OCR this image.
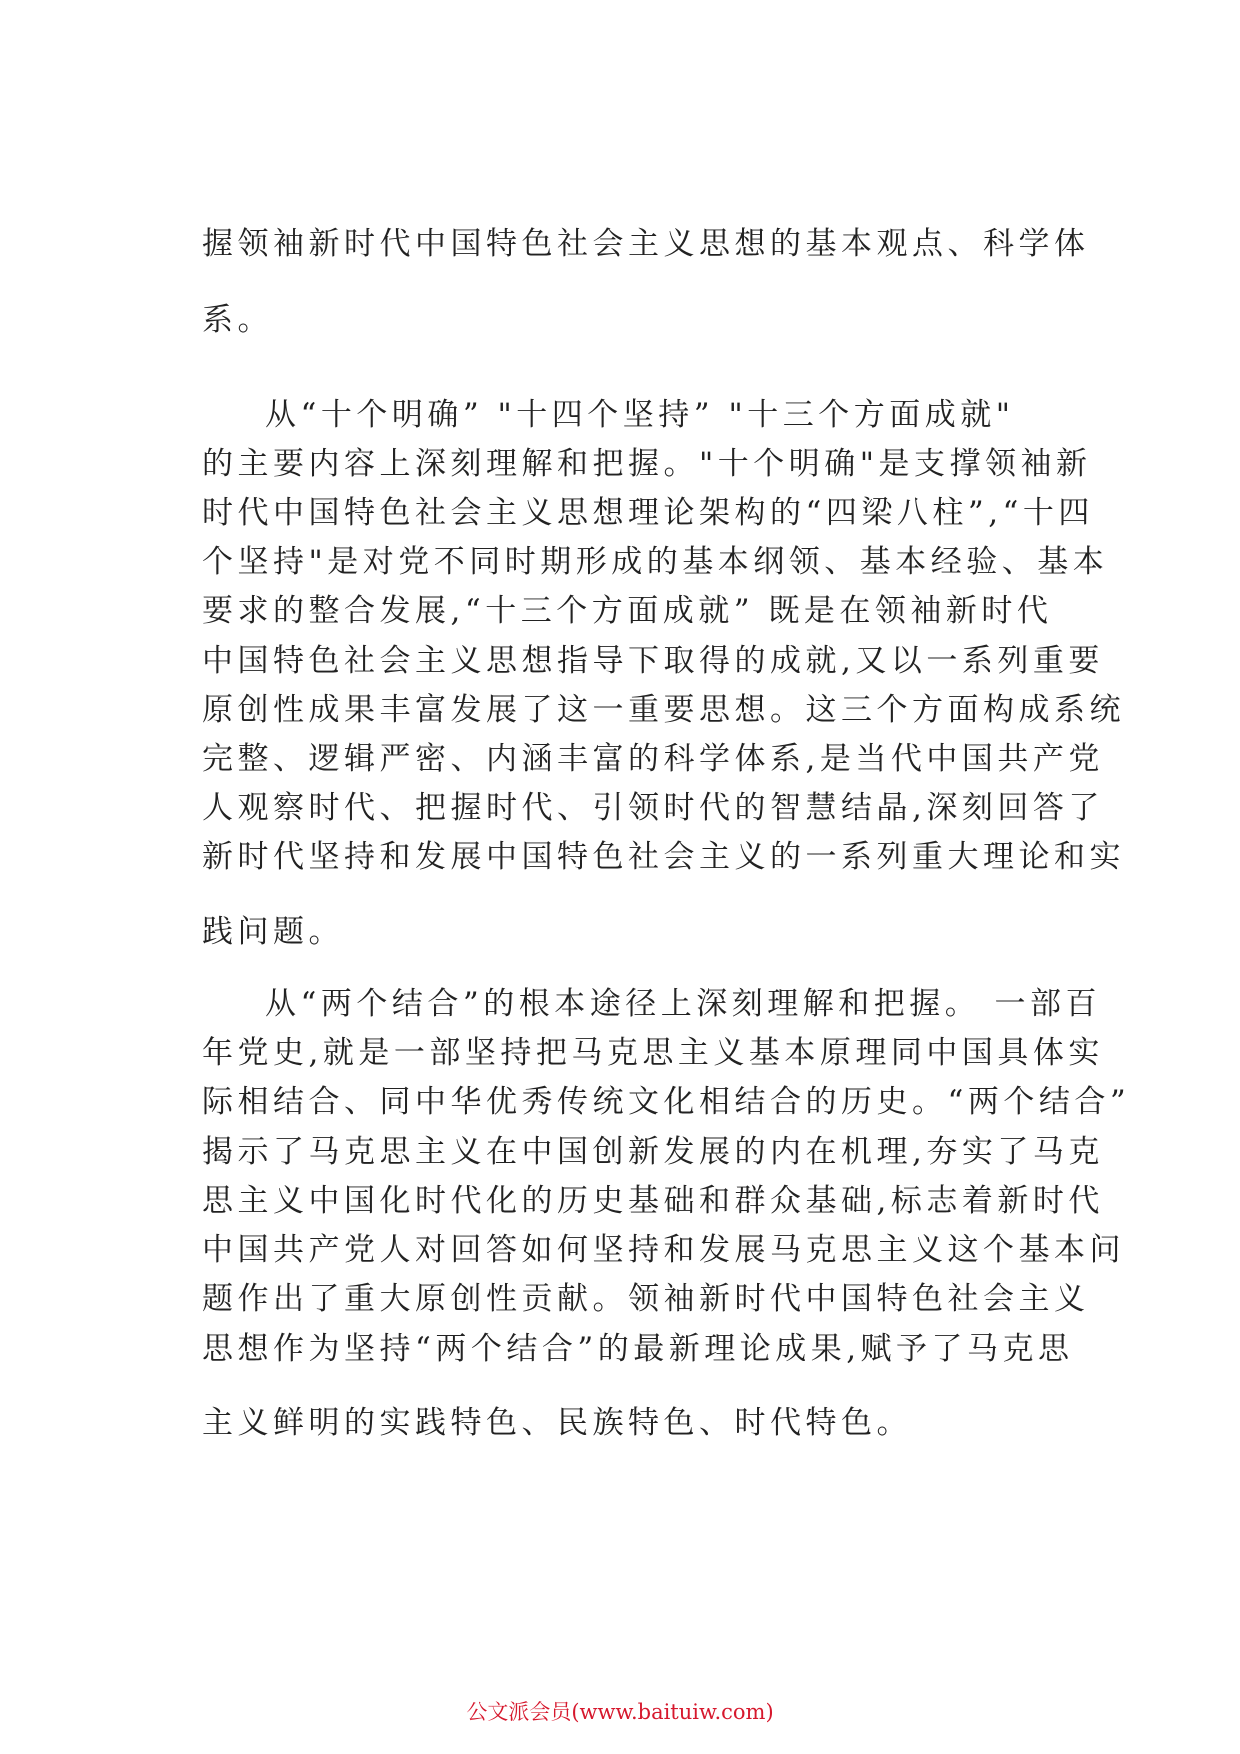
握领袖新时代中国特色社会主义思想的基本观点、科学体
系。
从“十个明确” "十四个坚持” "十三个方面成就"
的主要内容上深刻理解和把握。"十个明确"是支撑领袖新
时代中国特色社会主义思想理论架构的“四梁八柱”,“十四
个坚持"是对党不同时期形成的基本纲领、基本经验、基本
要求的整合发展,“十三个方面成就” 既是在领袖新时代
中国特色社会主义思想指导下取得的成就,又以一系列重要
原创性成果丰富发展了这一重要思想。这三个方面构成系统
完整、逻辑严密、内涵丰富的科学体系,是当代中国共产党
人观察时代、把握时代、引领时代的智慧结晶,深刻回答了
新时代坚持和发展中国特色社会主义的一系列重大理论和实
践问题。
从“两个结合”的根本途径上深刻理解和把握。 一部百
年党史,就是一部坚持把马克思主义基本原理同中国具体实
际相结合、同中华优秀传统文化相结合的历史。“两个结合”
揭示了马克思主义在中国创新发展的内在机理,夯实了马克
思主义中国化时代化的历史基础和群众基础,标志着新时代
中国共产党人对回答如何坚持和发展马克思主义这个基本问
题作出了重大原创性贡献。领袖新时代中国特色社会主义
思想作为坚持“两个结合”的最新理论成果,赋予了马克思
主义鲜明的实践特色、民族特色、时代特色。
公文派会员(www.baituiw.com)
